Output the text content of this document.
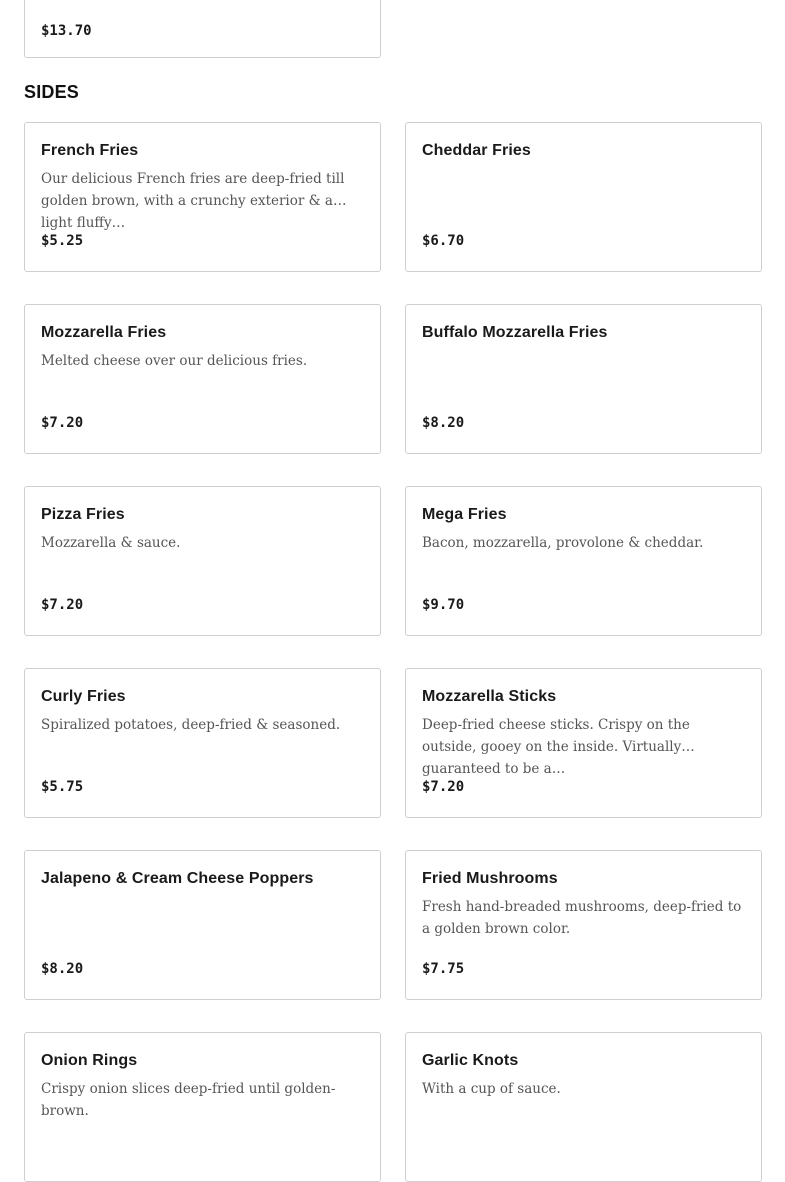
$13.70
SIDES
French Fries
Our delicious French fries are deep-fried till golden brown, with a crunchy exterior & a light fluffy…
$5.25
Cheddar Fries
$6.70
Mozzarella Fries
Melted cheese over our delicious fries.
$7.20
Buffalo Mozzarella Fries
$8.20
Pizza Fries
Mozzarella & sauce.
$7.20
Mega Fries
Bacon, mozzarella, provolone & cheddar.
$9.70
Curly Fries
Spiralized potatoes, deep-fried & seasoned.
$5.75
Mozzarella Sticks
Deep-fried cheese sticks. Crispy on the outside, gooey on the inside. Virtually guaranteed to be a…
$7.20
Jalapeno & Cream Cheese Poppers
$8.20
Fried Mushrooms
Fresh hand-breaded mushrooms, deep-fried to a golden brown color.
$7.75
Onion Rings
Crispy onion slices deep-fried until golden-brown.
Garlic Knots
With a cup of sauce.
